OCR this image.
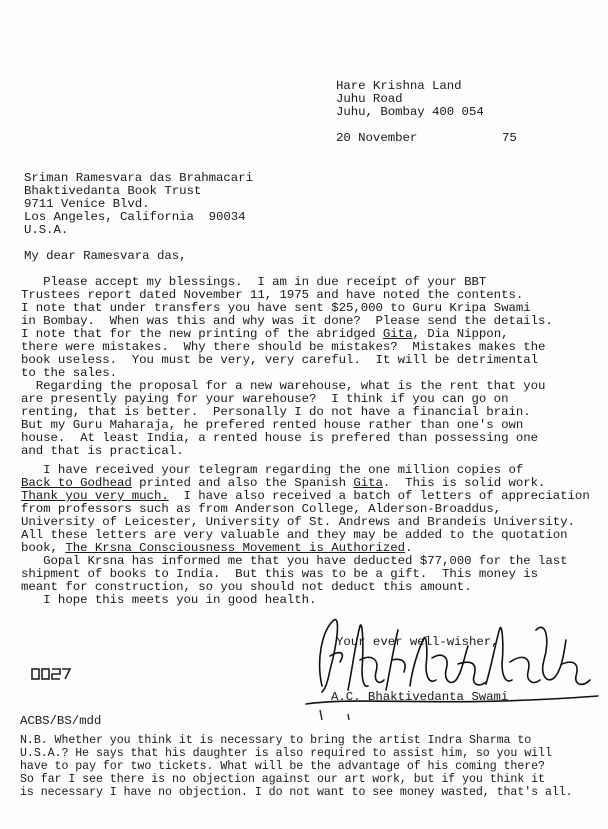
Hare Krishna Land
Juhu Road
Juhu, Bombay 400 054
20 November	75
Sriman Ramesvara das Brahmacari
Bhaktivedanta Book Trust
9711 Venice Blvd.
Los Angeles, California  90034
U.S.A.
My dear Ramesvara das,
Please accept my blessings.  I am in due receipt of your BBT
Trustees report dated November 11, 1975 and have noted the contents.
I note that under transfers you have sent $25,000 to Guru Kripa Swami
in Bombay.  When was this and why was it done?  Please send the details.
I note that for the new printing of the abridged Gita, Dia Nippon,
there were mistakes.  Why there should be mistakes?  Mistakes makes the
book useless.  You must be very, very careful.  It will be detrimental
to the sales.
Regarding the proposal for a new warehouse, what is the rent that you
are presently paying for your warehouse?  I think if you can go on
renting, that is better.  Personally I do not have a financial brain.
But my Guru Maharaja, he prefered rented house rather than one's own
house.  At least India, a rented house is prefered than possessing one
and that is practical.
I have received your telegram regarding the one million copies of
Back to Godhead printed and also the Spanish Gita.  This is solid work.
Thank you very much.  I have also received a batch of letters of appreciation
from professors such as from Anderson College, Alderson-Broaddus,
University of Leicester, University of St. Andrews and Brandeis University.
All these letters are very valuable and they may be added to the quotation
book, The Krsna Consciousness Movement is Authorized.
Gopal Krsna has informed me that you have deducted $77,000 for the last
shipment of books to India.  But this was to be a gift.  This money is
meant for construction, so you should not deduct this amount.
I hope this meets you in good health.
Your ever well-wisher,
A.C. Bhaktivedanta Swami
ACBS/BS/mdd
N.B. Whether you think it is necessary to bring the artist Indra Sharma to
U.S.A.? He says that his daughter is also required to assist him, so you will
have to pay for two tickets. What will be the advantage of his coming there?
So far I see there is no objection against our art work, but if you think it
is necessary I have no objection. I do not want to see money wasted, that's all.
